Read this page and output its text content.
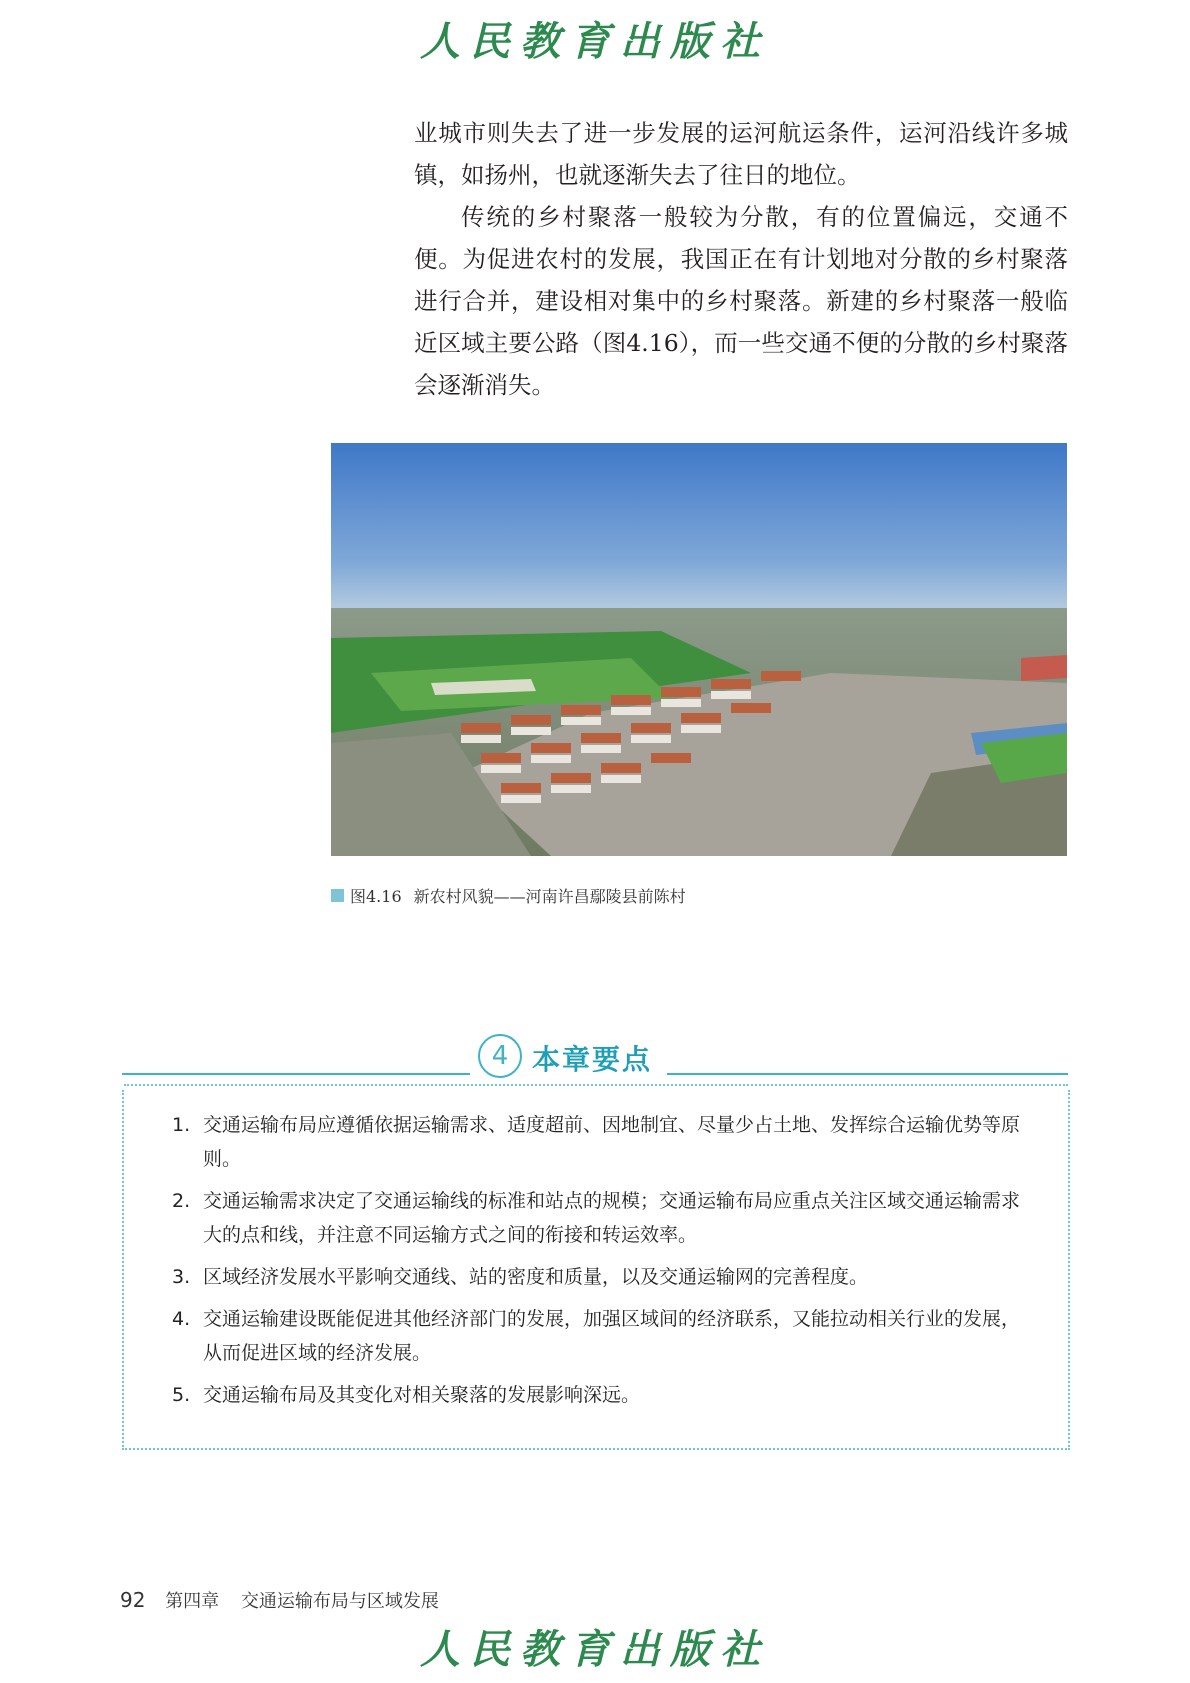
人民教育出版社

业城市则失去了进一步发展的运河航运条件，运河沿线许多城镇，如扬州，也就逐渐失去了往日的地位。

传统的乡村聚落一般较为分散，有的位置偏远，交通不便。为促进农村的发展，我国正在有计划地对分散的乡村聚落进行合并，建设相对集中的乡村聚落。新建的乡村聚落一般临近区域主要公路（图4.16），而一些交通不便的分散的乡村聚落会逐渐消失。

图4.16 新农村风貌——河南许昌鄢陵县前陈村
4 本章要点
1. 交通运输布局应遵循依据运输需求、适度超前、因地制宜、尽量少占土地、发挥综合运输优势等原则。
2. 交通运输需求决定了交通运输线的标准和站点的规模；交通运输布局应重点关注区域交通运输需求大的点和线，并注意不同运输方式之间的衔接和转运效率。
3. 区域经济发展水平影响交通线、站的密度和质量，以及交通运输网的完善程度。
4. 交通运输建设既能促进其他经济部门的发展，加强区域间的经济联系，又能拉动相关行业的发展，从而促进区域的经济发展。
5. 交通运输布局及其变化对相关聚落的发展影响深远。
92 第四章 交通运输布局与区域发展
人民教育出版社
